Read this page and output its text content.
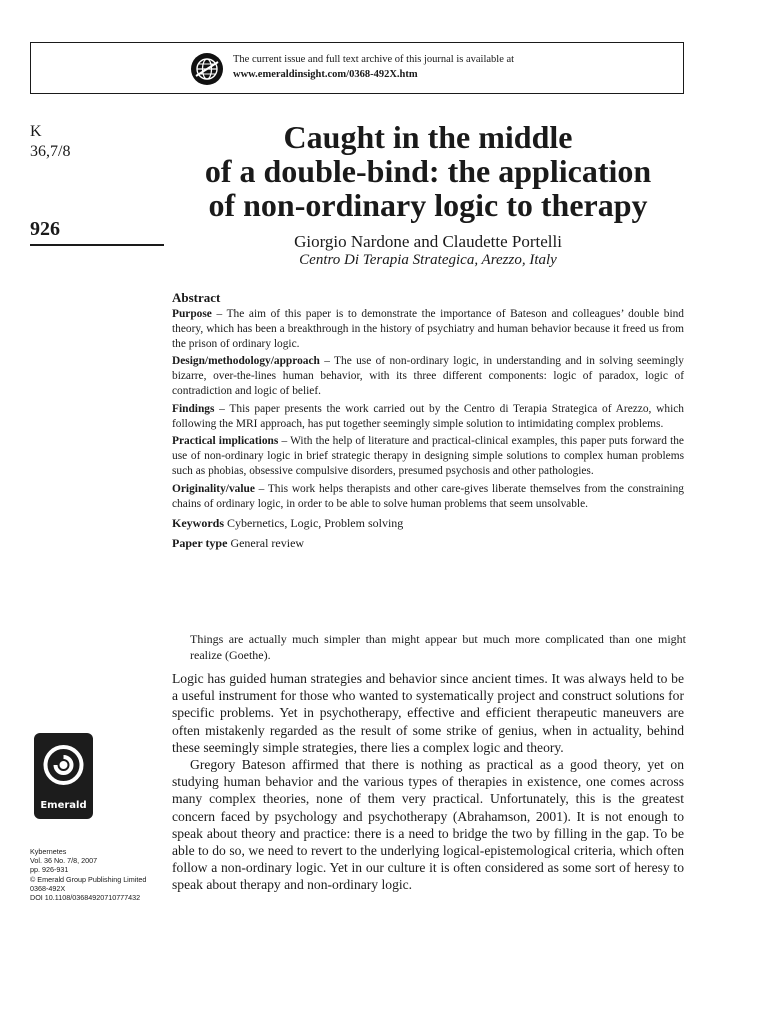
The current issue and full text archive of this journal is available at
www.emeraldinsight.com/0368-492X.htm
K
36,7/8
926
Caught in the middle
of a double-bind: the application
of non-ordinary logic to therapy
Giorgio Nardone and Claudette Portelli
Centro Di Terapia Strategica, Arezzo, Italy
Abstract

Purpose – The aim of this paper is to demonstrate the importance of Bateson and colleagues’ double bind theory, which has been a breakthrough in the history of psychiatry and human behavior because it freed us from the prison of ordinary logic.

Design/methodology/approach – The use of non-ordinary logic, in understanding and in solving seemingly bizarre, over-the-lines human behavior, with its three different components: logic of paradox, logic of contradiction and logic of belief.

Findings – This paper presents the work carried out by the Centro di Terapia Strategica of Arezzo, which following the MRI approach, has put together seemingly simple solution to intimidating complex problems.

Practical implications – With the help of literature and practical-clinical examples, this paper puts forward the use of non-ordinary logic in brief strategic therapy in designing simple solutions to complex human problems such as phobias, obsessive compulsive disorders, presumed psychosis and other pathologies.

Originality/value – This work helps therapists and other care-gives liberate themselves from the constraining chains of ordinary logic, in order to be able to solve human problems that seem unsolvable.

Keywords Cybernetics, Logic, Problem solving
Paper type General review
Things are actually much simpler than might appear but much more complicated than one might realize (Goethe).

Logic has guided human strategies and behavior since ancient times. It was always held to be a useful instrument for those who wanted to systematically project and construct solutions for specific problems. Yet in psychotherapy, effective and efficient therapeutic maneuvers are often mistakenly regarded as the result of some strike of genius, when in actuality, behind these seemingly simple strategies, there lies a complex logic and theory.

Gregory Bateson affirmed that there is nothing as practical as a good theory, yet on studying human behavior and the various types of therapies in existence, one comes across many complex theories, none of them very practical. Unfortunately, this is the greatest concern faced by psychology and psychotherapy (Abrahamson, 2001). It is not enough to speak about theory and practice: there is a need to bridge the two by filling in the gap. To be able to do so, we need to revert to the underlying logical-epistemological criteria, which often follow a non-ordinary logic. Yet in our culture it is often considered as some sort of heresy to speak about therapy and non-ordinary logic.

Emerald
Kybernetes
Vol. 36 No. 7/8, 2007
pp. 926-931
© Emerald Group Publishing Limited
0368-492X
DOI 10.1108/03684920710777432
